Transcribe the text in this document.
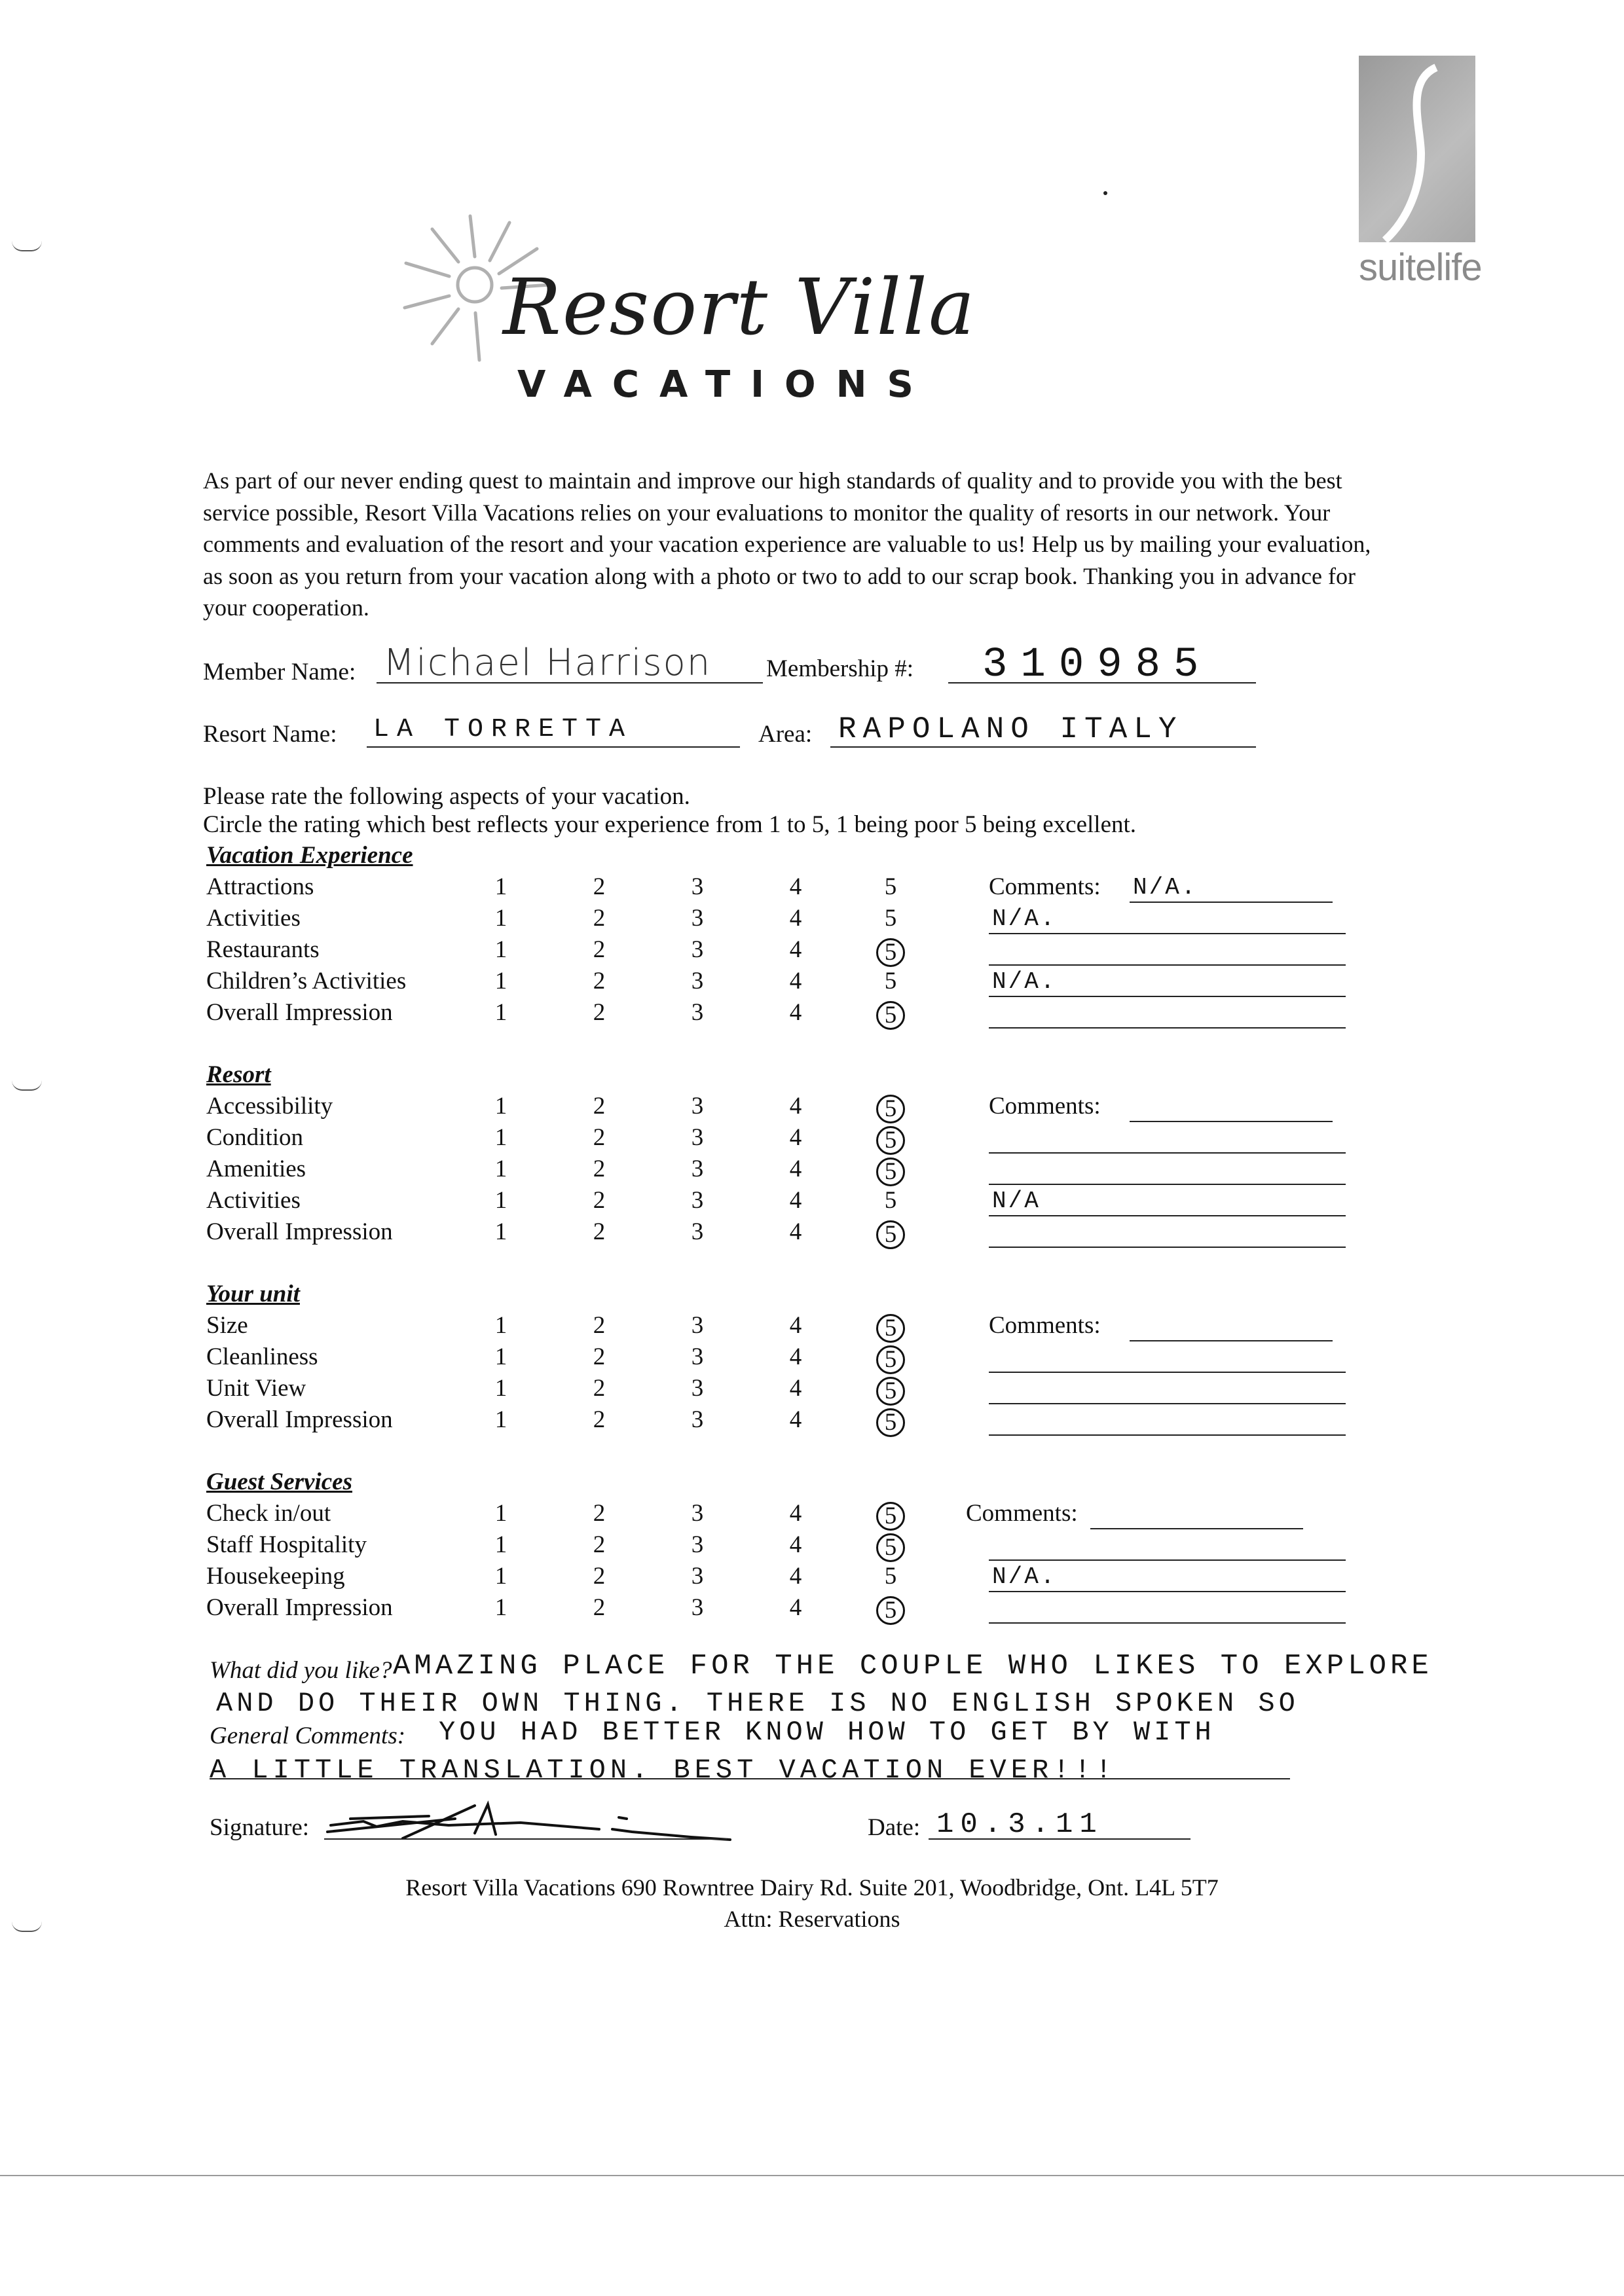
Resort Villa
VACATIONS
suitelife
As part of our never ending quest to maintain and improve our high standards of quality and to provide you with the best service possible, Resort Villa Vacations relies on your evaluations to monitor the quality of resorts in our network. Your comments and evaluation of the resort and your vacation experience are valuable to us! Help us by mailing your evaluation, as soon as you return from your vacation along with a photo or two to add to our scrap book. Thanking you in advance for your cooperation.
Member Name: Michael Harrison Membership #: 310985
Resort Name: LA TORRETTA	Area: RAPOLANO ITALY
Please rate the following aspects of your vacation.
Circle the rating which best reflects your experience from 1 to 5, 1 being poor 5 being excellent.
Vacation Experience
Attractions	1	2	3	4	5	Comments: N/A.
Activities	1	2	3	4	5	N/A.
Restaurants	1	2	3	4	5
Children’s Activities	1	2	3	4	5	N/A.
Overall Impression	1	2	3	4	5
Resort
Accessibility	1	2	3	4	5	Comments:
Condition	1	2	3	4	5
Amenities	1	2	3	4	5
Activities	1	2	3	4	5	N/A
Overall Impression	1	2	3	4	5
Your unit
Size	1	2	3	4	5	Comments:
Cleanliness	1	2	3	4	5
Unit View	1	2	3	4	5
Overall Impression	1	2	3	4	5
Guest Services
Check in/out	1	2	3	4	5	Comments:
Staff Hospitality	1	2	3	4	5
Housekeeping	1	2	3	4	5	N/A.
Overall Impression	1	2	3	4	5
What did you like? AMAZING PLACE FOR THE COUPLE WHO LIKES TO EXPLORE
AND DO THEIR OWN THING. THERE IS NO ENGLISH SPOKEN SO
General Comments: YOU HAD BETTER KNOW HOW TO GET BY WITH
A LITTLE TRANSLATION. BEST VACATION EVER!!!
Signature:	Date: 10.3.11
Resort Villa Vacations 690 Rowntree Dairy Rd. Suite 201, Woodbridge, Ont. L4L 5T7
Attn: Reservations
